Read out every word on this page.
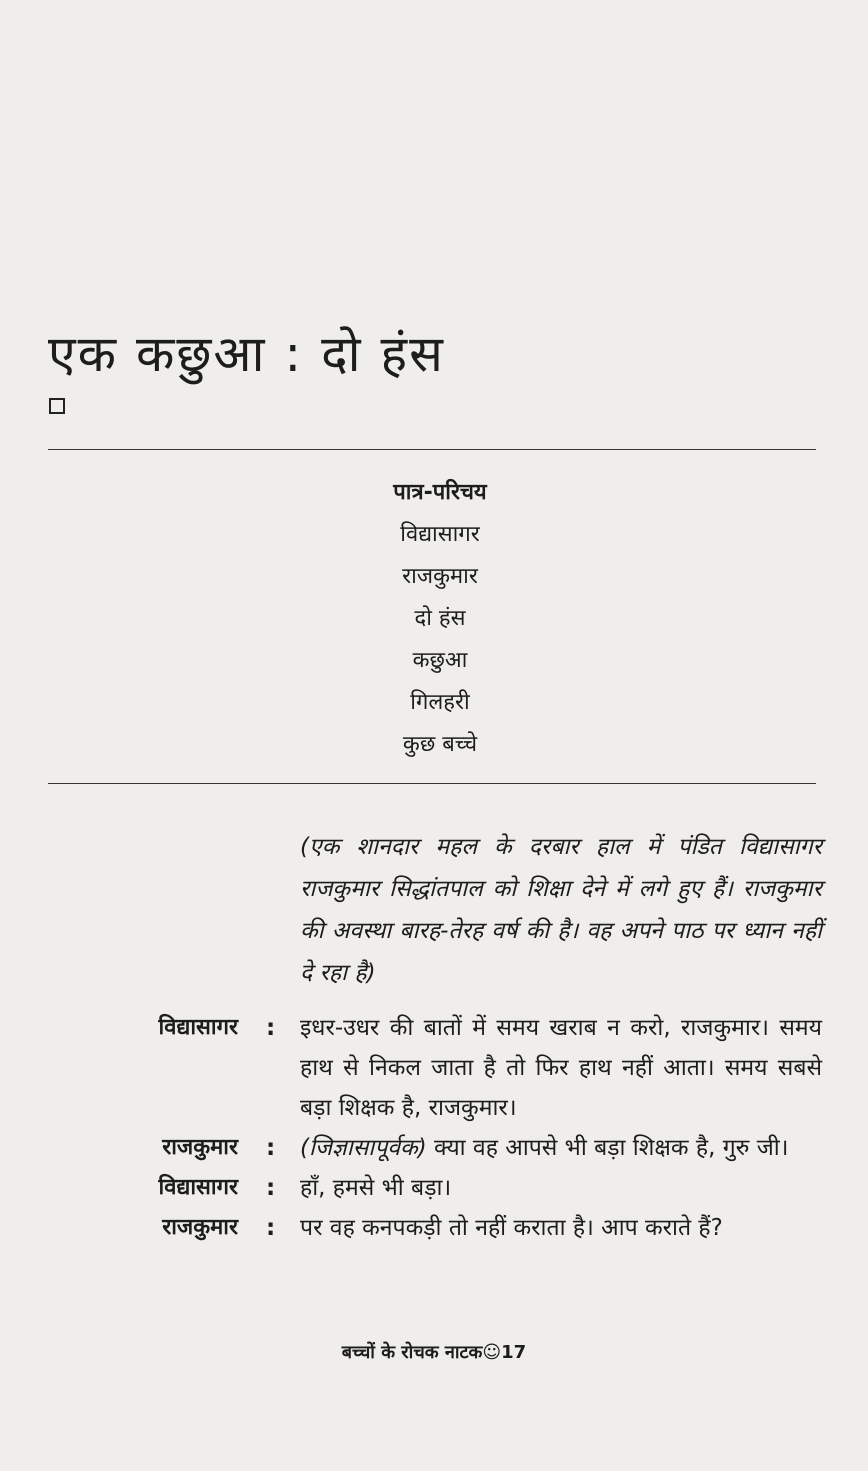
एक कछुआ : दो हंस
पात्र-परिचय
विद्यासागर
राजकुमार
दो हंस
कछुआ
गिलहरी
कुछ बच्चे
(एक शानदार महल के दरबार हाल में पंडित विद्यासागर राजकुमार सिद्धांतपाल को शिक्षा देने में लगे हुए हैं। राजकुमार की अवस्था बारह-तेरह वर्ष की है। वह अपने पाठ पर ध्यान नहीं दे रहा है)
विद्यासागर : इधर-उधर की बातों में समय खराब न करो, राजकुमार। समय हाथ से निकल जाता है तो फिर हाथ नहीं आता। समय सबसे बड़ा शिक्षक है, राजकुमार।
राजकुमार : (जिज्ञासापूर्वक) क्या वह आपसे भी बड़ा शिक्षक है, गुरु जी।
विद्यासागर : हाँ, हमसे भी बड़ा।
राजकुमार : पर वह कनपकड़ी तो नहीं कराता है। आप कराते हैं?
बच्चों के रोचक नाटक☺17
